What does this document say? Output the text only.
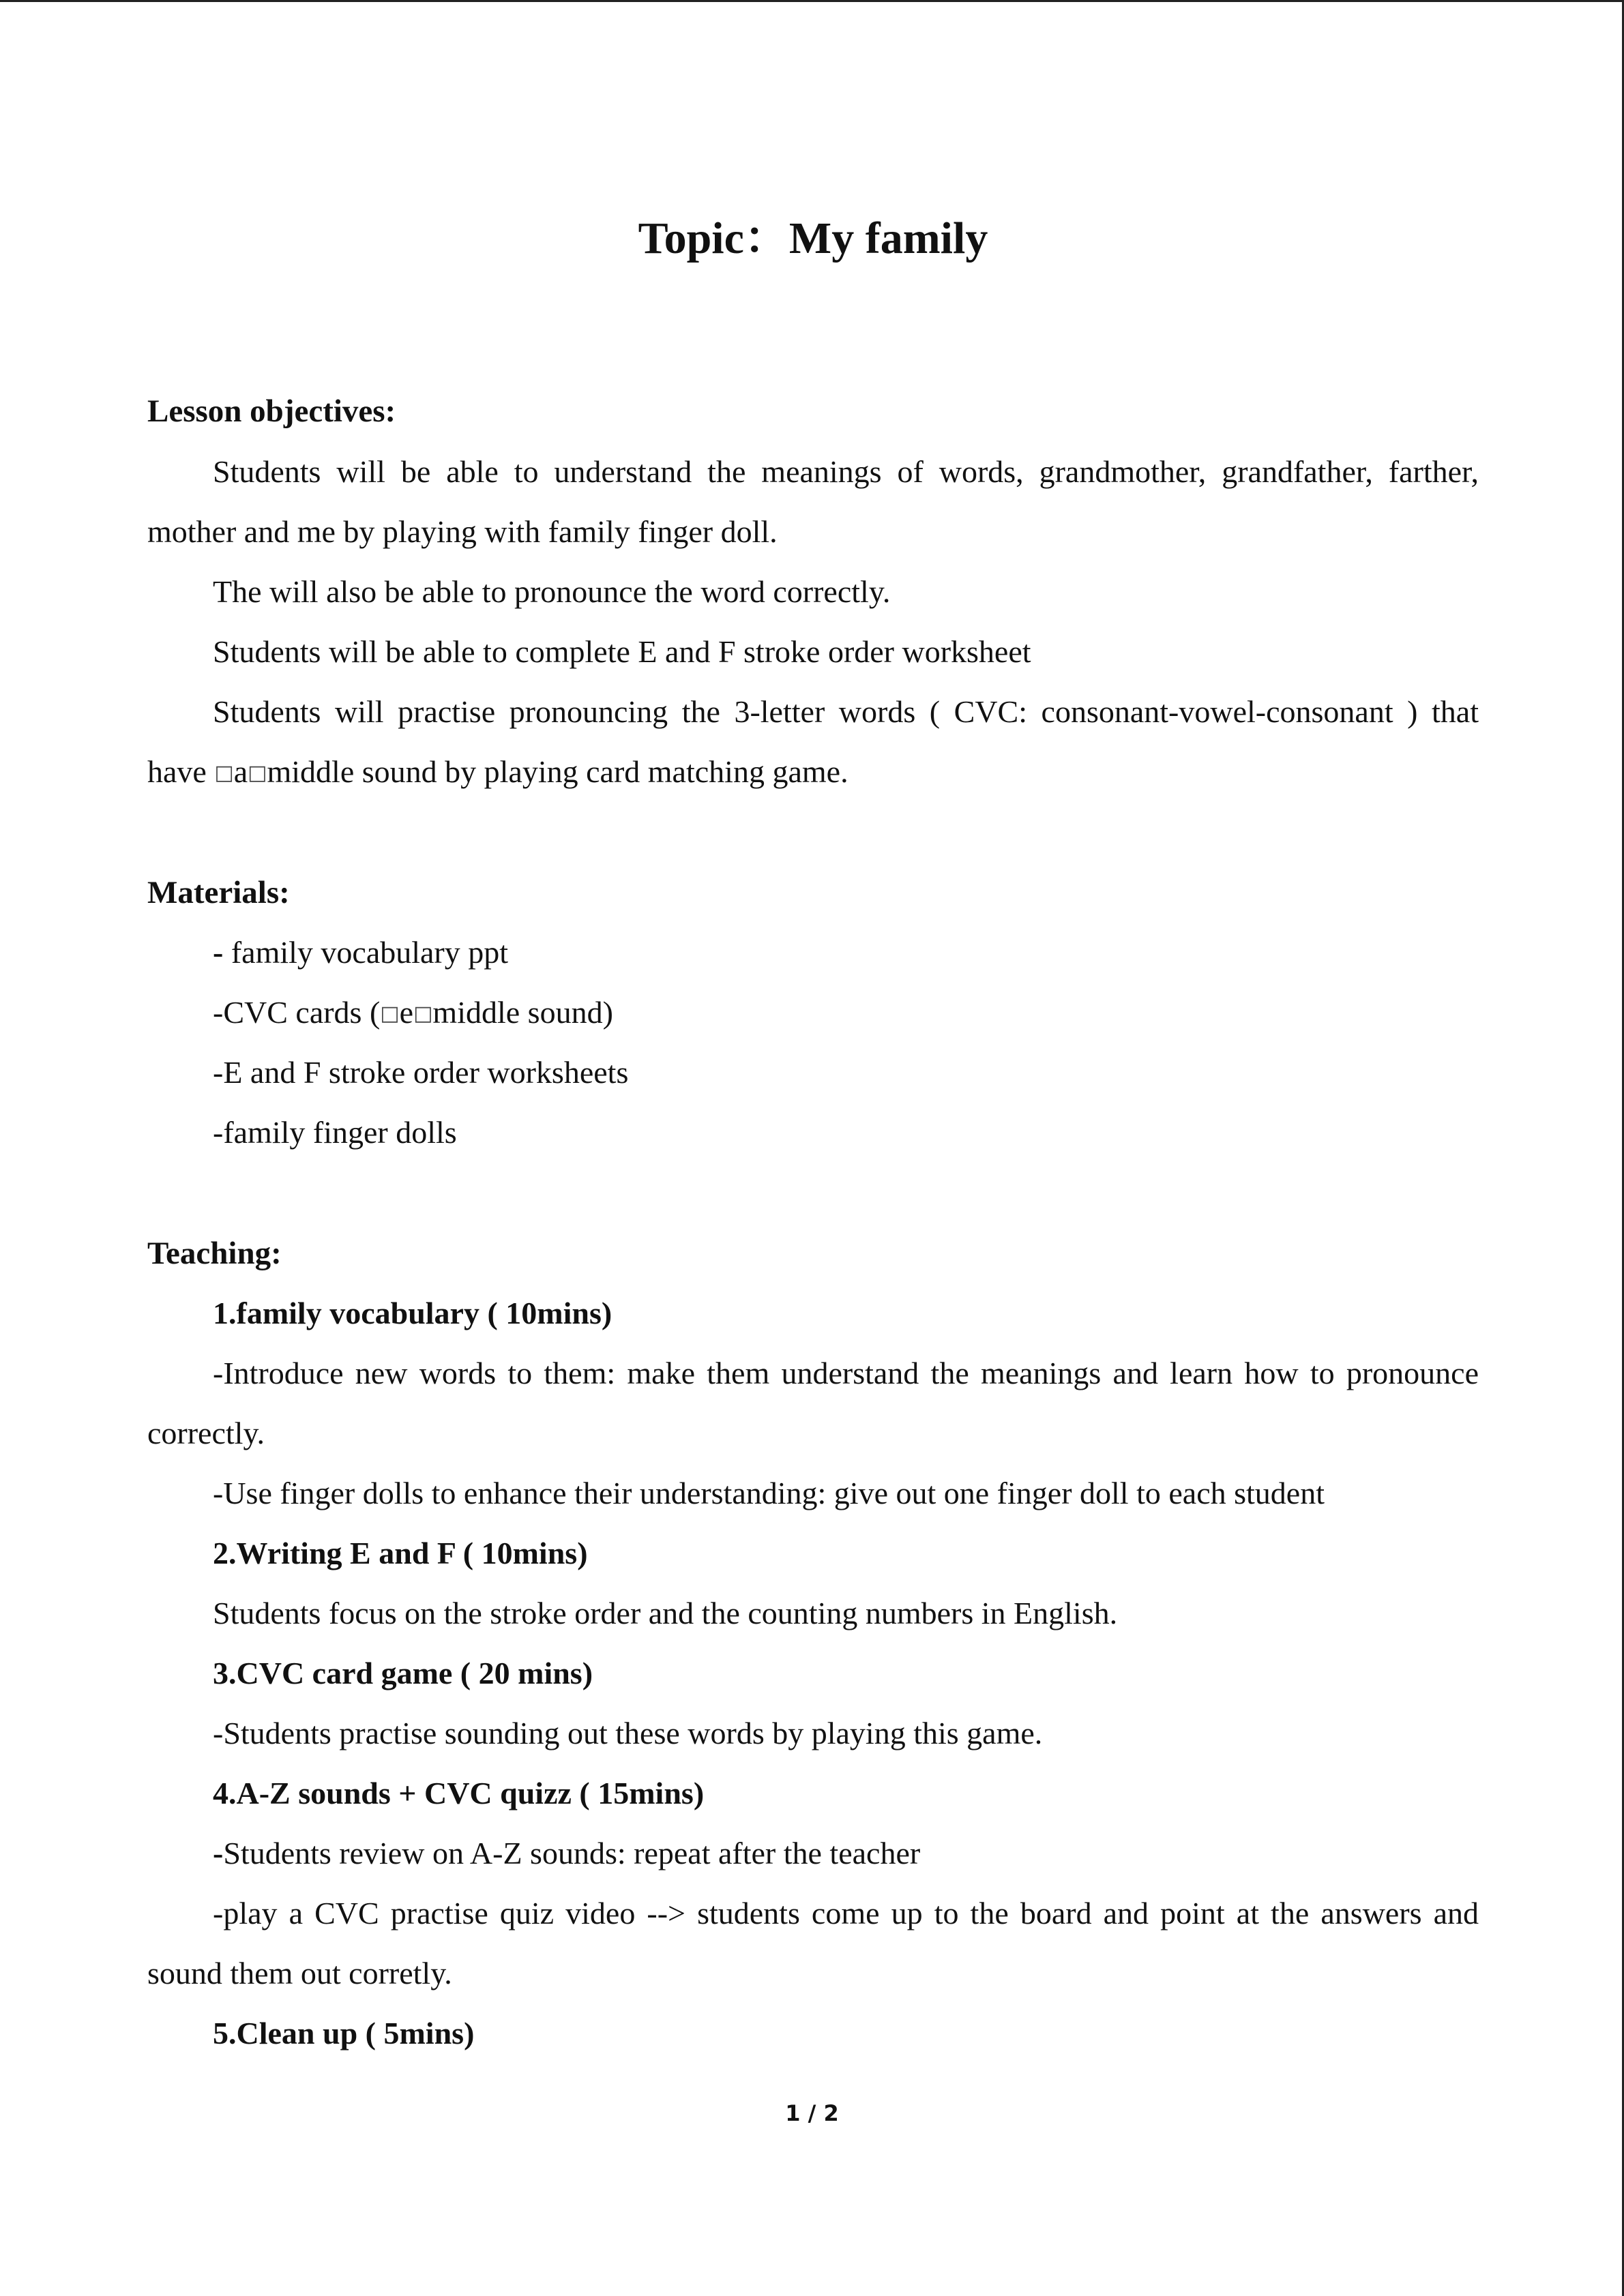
Topic：My family
Lesson objectives:
Students will be able to understand the meanings of words, grandmother, grandfather, farther,
mother and me by playing with family finger doll.
The will also be able to pronounce the word correctly.
Students will be able to complete E and F stroke order worksheet
Students will practise pronouncing the 3-letter words ( CVC: consonant-vowel-consonant ) that
have □a□middle sound by playing card matching game.
Materials:
- family vocabulary ppt
-CVC cards (□e□middle sound)
-E and F stroke order worksheets
-family finger dolls
Teaching:
1.family vocabulary ( 10mins)
-Introduce new words to them: make them understand the meanings and learn how to pronounce
correctly.
-Use finger dolls to enhance their understanding: give out one finger doll to each student
2.Writing E and F ( 10mins)
Students focus on the stroke order and the counting numbers in English.
3.CVC card game ( 20 mins)
-Students practise sounding out these words by playing this game.
4.A-Z sounds + CVC quizz ( 15mins)
-Students review on A-Z sounds: repeat after the teacher
-play a CVC practise quiz video --> students come up to the board and point at the answers and
sound them out corretly.
5.Clean up ( 5mins)
1 / 2
